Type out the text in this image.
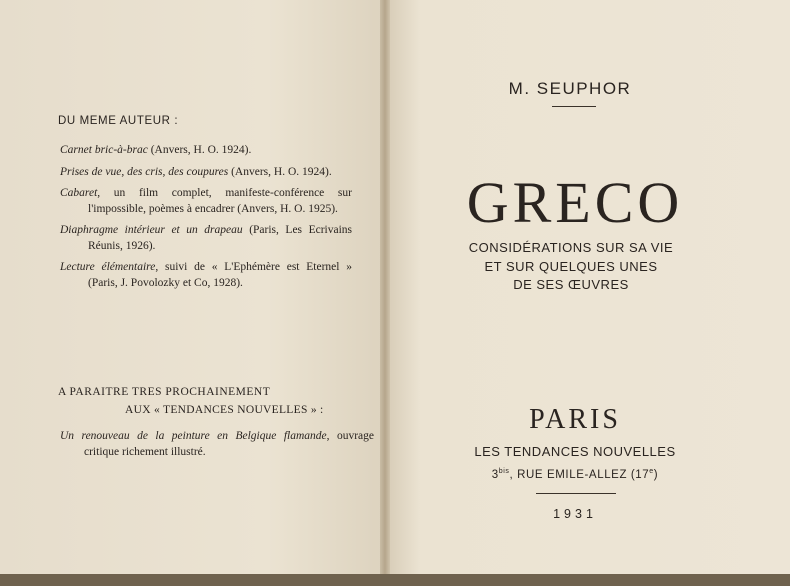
DU MEME AUTEUR :
Carnet bric-à-brac (Anvers, H. O. 1924).
Prises de vue, des cris, des coupures (Anvers, H. O. 1924).
Cabaret, un film complet, manifeste-conférence sur l'impossible, poèmes à encadrer (Anvers, H. O. 1925).
Diaphragme intérieur et un drapeau (Paris, Les Ecrivains Réunis, 1926).
Lecture élémentaire, suivi de « L'Ephémère est Eternel » (Paris, J. Povolozky et Co, 1928).
A PARAITRE TRES PROCHAINEMENT
AUX « TENDANCES NOUVELLES » :
Un renouveau de la peinture en Belgique flamande, ouvrage critique richement illustré.
M. SEUPHOR
GRECO
CONSIDÉRATIONS SUR SA VIE
ET SUR QUELQUES UNES
DE SES ŒUVRES
PARIS
LES TENDANCES NOUVELLES
$3^{bis}$, RUE EMILE-ALLEZ (17e)
1931
